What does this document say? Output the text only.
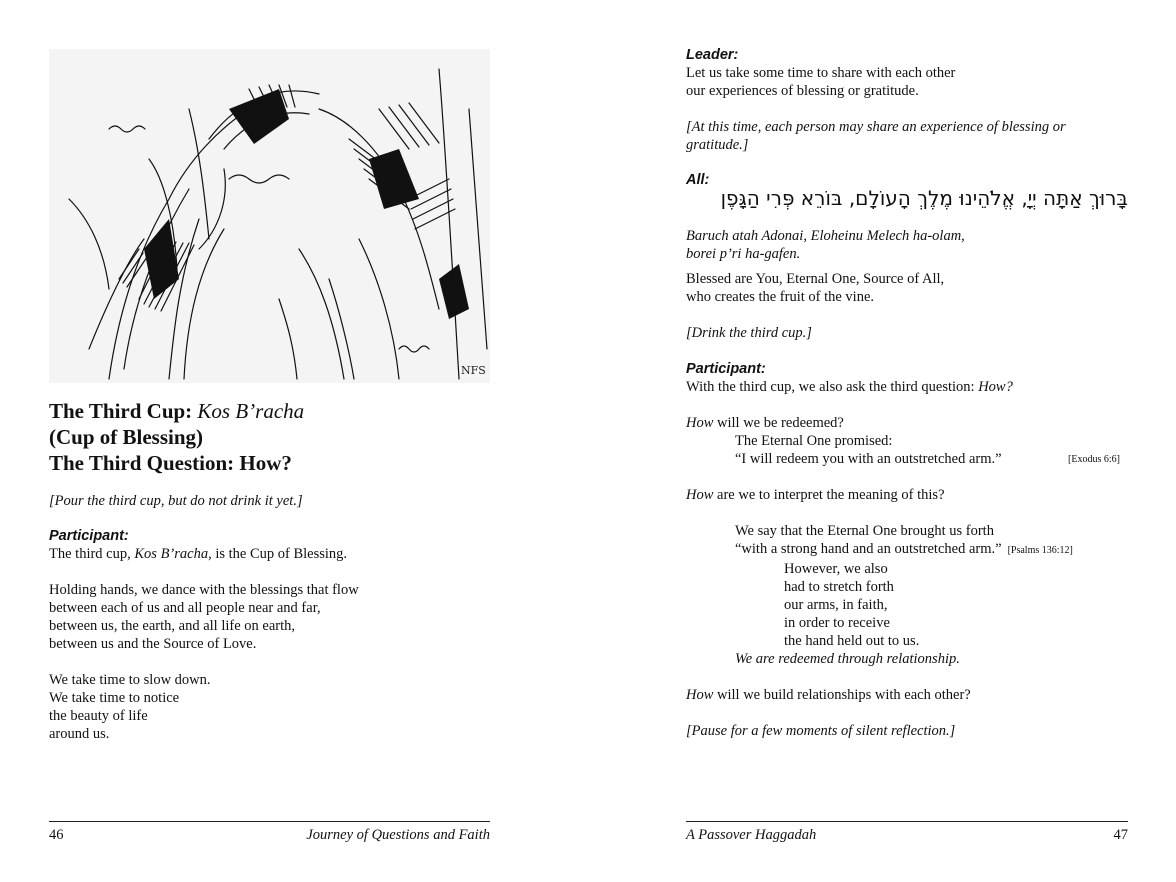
NFS
The Third Cup: Kos B’racha
(Cup of Blessing)
The Third Question: How?
[Pour the third cup, but do not drink it yet.]
Participant:
The third cup, Kos B’racha, is the Cup of Blessing.

Holding hands, we dance with the blessings that flow
between each of us and all people near and far,
between us, the earth, and all life on earth,
between us and the Source of Love.

We take time to slow down.
We take time to notice
the beauty of life
around us.
46	Journey of Questions and Faith
Leader:
Let us take some time to share with each other
our experiences of blessing or gratitude.

[At this time, each person may share an experience of blessing or
gratitude.]
All:
בָּרוּךְ אַתָּה יְיָ, אֱלֹהֵינוּ מֶלֶךְ הָעוֹלָם, בּוֹרֵא פְּרִי הַגָּפֶן
Baruch atah Adonai, Eloheinu Melech ha-olam,
borei p’ri ha-gafen.
Blessed are You, Eternal One, Source of All,
who creates the fruit of the vine.

[Drink the third cup.]

Participant:
With the third cup, we also ask the third question: How?

How will we be redeemed?
The Eternal One promised:
“I will redeem you with an outstretched arm.”	[Exodus 6:6]

How are we to interpret the meaning of this?

We say that the Eternal One brought us forth
“with a strong hand and an outstretched arm.” [Psalms 136:12]
However, we also
had to stretch forth
our arms, in faith,
in order to receive
the hand held out to us.
We are redeemed through relationship.

How will we build relationships with each other?

[Pause for a few moments of silent reflection.]
A Passover Haggadah	47
